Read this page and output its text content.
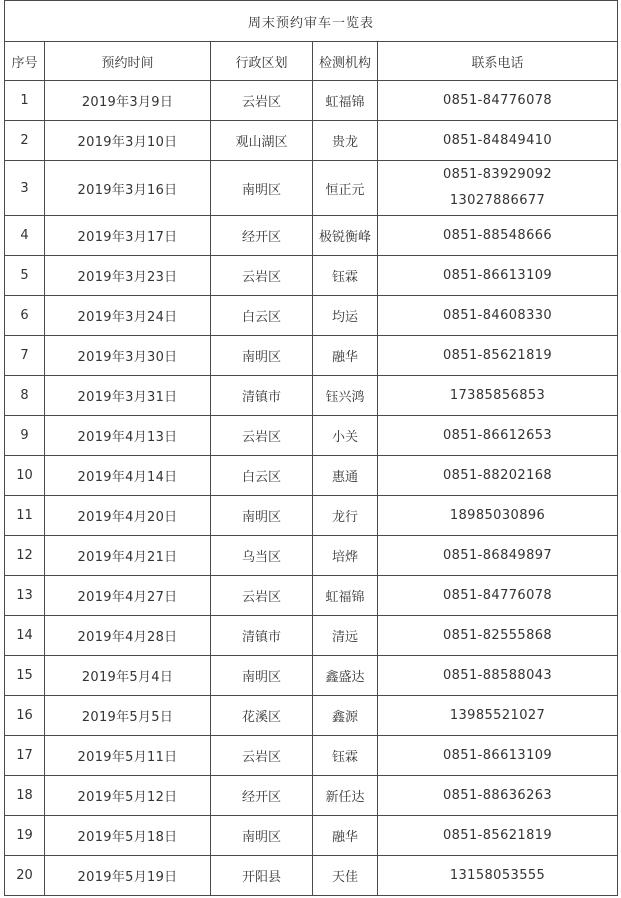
周末预约审车一览表				
序号	预约时间	行政区划	检测机构	联系电话
1	2019年3月9日	云岩区	虹福锦	0851-84776078

2	2019年3月10日	观山湖区	贵龙	0851-84849410

3	2019年3月16日	南明区	恒正元	0851-83929092
13027886677

4	2019年3月17日	经开区	极锐衡峰	0851-88548666

5	2019年3月23日	云岩区	钰霖	0851-86613109

6	2019年3月24日	白云区	均运	0851-84608330

7	2019年3月30日	南明区	融华	0851-85621819

8	2019年3月31日	清镇市	钰兴鸿	17385856853

9	2019年4月13日	云岩区	小关	0851-86612653

10	2019年4月14日	白云区	惠通	0851-88202168

11	2019年4月20日	南明区	龙行	18985030896

12	2019年4月21日	乌当区	培烨	0851-86849897

13	2019年4月27日	云岩区	虹福锦	0851-84776078

14	2019年4月28日	清镇市	清远	0851-82555868

15	2019年5月4日	南明区	鑫盛达	0851-88588043

16	2019年5月5日	花溪区	鑫源	13985521027

17	2019年5月11日	云岩区	钰霖	0851-86613109

18	2019年5月12日	经开区	新任达	0851-88636263

19	2019年5月18日	南明区	融华	0851-85621819

20	2019年5月19日	开阳县	天佳	13158053555
